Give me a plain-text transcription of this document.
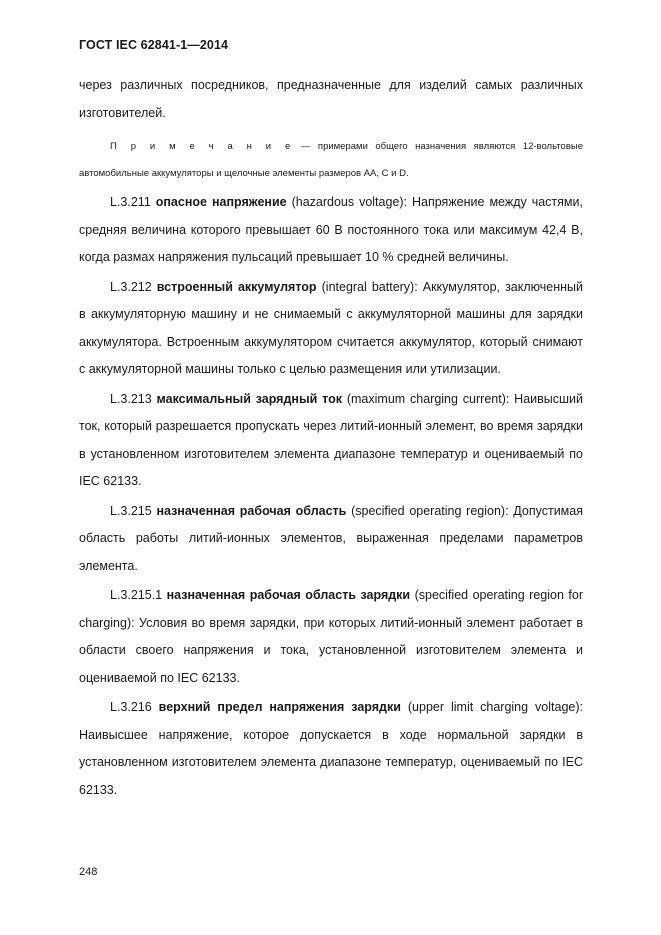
ГОСТ IEC 62841-1—2014

через различных посредников, предназначенные для изделий самых различных изготовителей.

П р и м е ч а н и е — примерами общего назначения являются 12-вольтовые автомобильные аккумуляторы и щелочные элементы размеров АА, С и D.

L.3.211 опасное напряжение (hazardous voltage): Напряжение между частями, средняя величина которого превышает 60 В постоянного тока или максимум 42,4 В, когда размах напряжения пульсаций превышает 10 % средней величины.

L.3.212 встроенный аккумулятор (integral battery): Аккумулятор, заключенный в аккумуляторную машину и не снимаемый с аккумуляторной машины для зарядки аккумулятора. Встроенным аккумулятором считается аккумулятор, который снимают с аккумуляторной машины только с целью размещения или утилизации.

L.3.213 максимальный зарядный ток (maximum charging current): Наивысший ток, который разрешается пропускать через литий-ионный элемент, во время зарядки в установленном изготовителем элемента диапазоне температур и оцениваемый по IEC 62133.

L.3.215 назначенная рабочая область (specified operating region): Допустимая область работы литий-ионных элементов, выраженная пределами параметров элемента.

L.3.215.1 назначенная рабочая область зарядки (specified operating region for charging): Условия во время зарядки, при которых литий-ионный элемент работает в области своего напряжения и тока, установленной изготовителем элемента и оцениваемой по IEC 62133.

L.3.216 верхний предел напряжения зарядки (upper limit charging voltage): Наивысшее напряжение, которое допускается в ходе нормальной зарядки в установленном изготовителем элемента диапазоне температур, оцениваемый по IEC 62133.

248
